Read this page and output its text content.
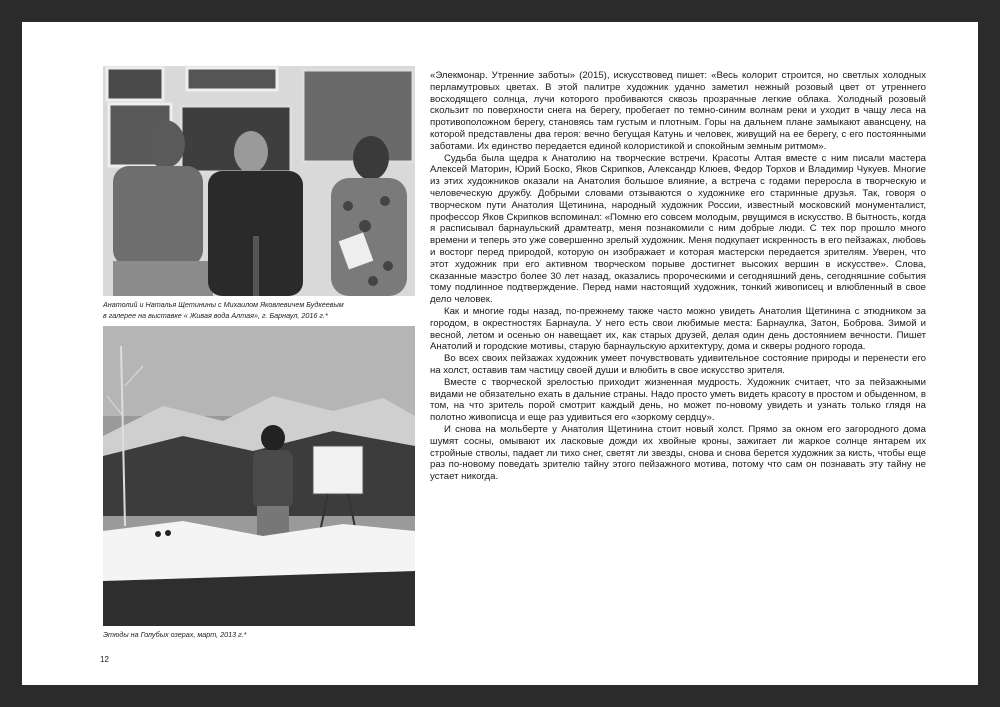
Анатолий и Наталья Щетинины с Михаилом Яковлевичем Будкеевым
в галерее на выставке « Живая вода Алтая», г. Барнаул, 2016 г.*
Этюды на Голубых озерах, март, 2013 г.*

«Элекмонар. Утренние заботы» (2015), искусствовед пишет: «Весь колорит строится, но светлых холодных перламутровых цветах. В этой палитре художник удачно заметил нежный розовый цвет от утреннего восходящего солнца, лучи которого пробиваются сквозь прозрачные легкие облака. Холодный розовый скользит по поверхности снега на берегу, пробегает по темно-синим волнам реки и уходит в чащу леса на противоположном берегу, становясь там густым и плотным. Горы на дальнем плане замыкают авансцену, на которой представлены два героя: вечно бегущая Катунь и человек, живущий на ее берегу, с его постоянными заботами. Их единство передается единой колористикой и спокойным земным ритмом».

Судьба была щедра к Анатолию на творческие встречи. Красоты Алтая вместе с ним писали мастера Алексей Маторин, Юрий Боско, Яков Скрипков, Александр Клюев, Федор Торхов и Владимир Чукуев. Многие из этих художников оказали на Анатолия большое влияние, а встреча с годами переросла в творческую и человеческую дружбу. Добрыми словами отзываются о художнике его старинные друзья. Так, говоря о творческом пути Анатолия Щетинина, народный художник России, известный московский монументалист, профессор Яков Скрипков вспоминал: «Помню его совсем молодым, рвущимся в искусство. В бытность, когда я расписывал барнаульский драмтеатр, меня познакомили с ним добрые люди. С тех пор прошло много времени и теперь это уже совершенно зрелый художник. Меня подкупает искренность в его пейзажах, любовь и восторг перед природой, которую он изображает и которая мастерски передается зрителям. Уверен, что этот художник при его активном творческом порыве достигнет высоких вершин в искусстве». Слова, сказанные маэстро более 30 лет назад, оказались пророческими и сегодняшний день, сегодняшние события тому подлинное подтверждение. Перед нами настоящий художник, тонкий живописец и влюбленный в свое дело человек.

Как и многие годы назад, по-прежнему также часто можно увидеть Анатолия Щетинина с этюдником за городом, в окрестностях Барнаула. У него есть свои любимые места: Барнаулка, Затон, Боброва. Зимой и весной, летом и осенью он навещает их, как старых друзей, делая один день достоянием вечности. Пишет Анатолий и городские мотивы, старую барнаульскую архитектуру, дома и скверы родного города.

Во всех своих пейзажах художник умеет почувствовать удивительное состояние природы и перенести его на холст, оставив там частицу своей души и влюбить в свое искусство зрителя.

Вместе с творческой зрелостью приходит жизненная мудрость. Художник считает, что за пейзажными видами не обязательно ехать в дальние страны. Надо просто уметь видеть красоту в простом и обыденном, в том, на что зритель порой смотрит каждый день, но может по-новому увидеть и узнать только глядя на полотно живописца и еще раз удивиться его «зоркому сердцу».

И снова на мольберте у Анатолия Щетинина стоит новый холст. Прямо за окном его загородного дома шумят сосны, омывают их ласковые дожди их хвойные кроны, зажигает ли жаркое солнце янтарем их стройные стволы, падает ли тихо снег, светят ли звезды, снова и снова берется художник за кисть, чтобы еще раз по-новому поведать зрителю тайну этого пейзажного мотива, потому что сам он познавать эту тайну не устает никогда.

12
